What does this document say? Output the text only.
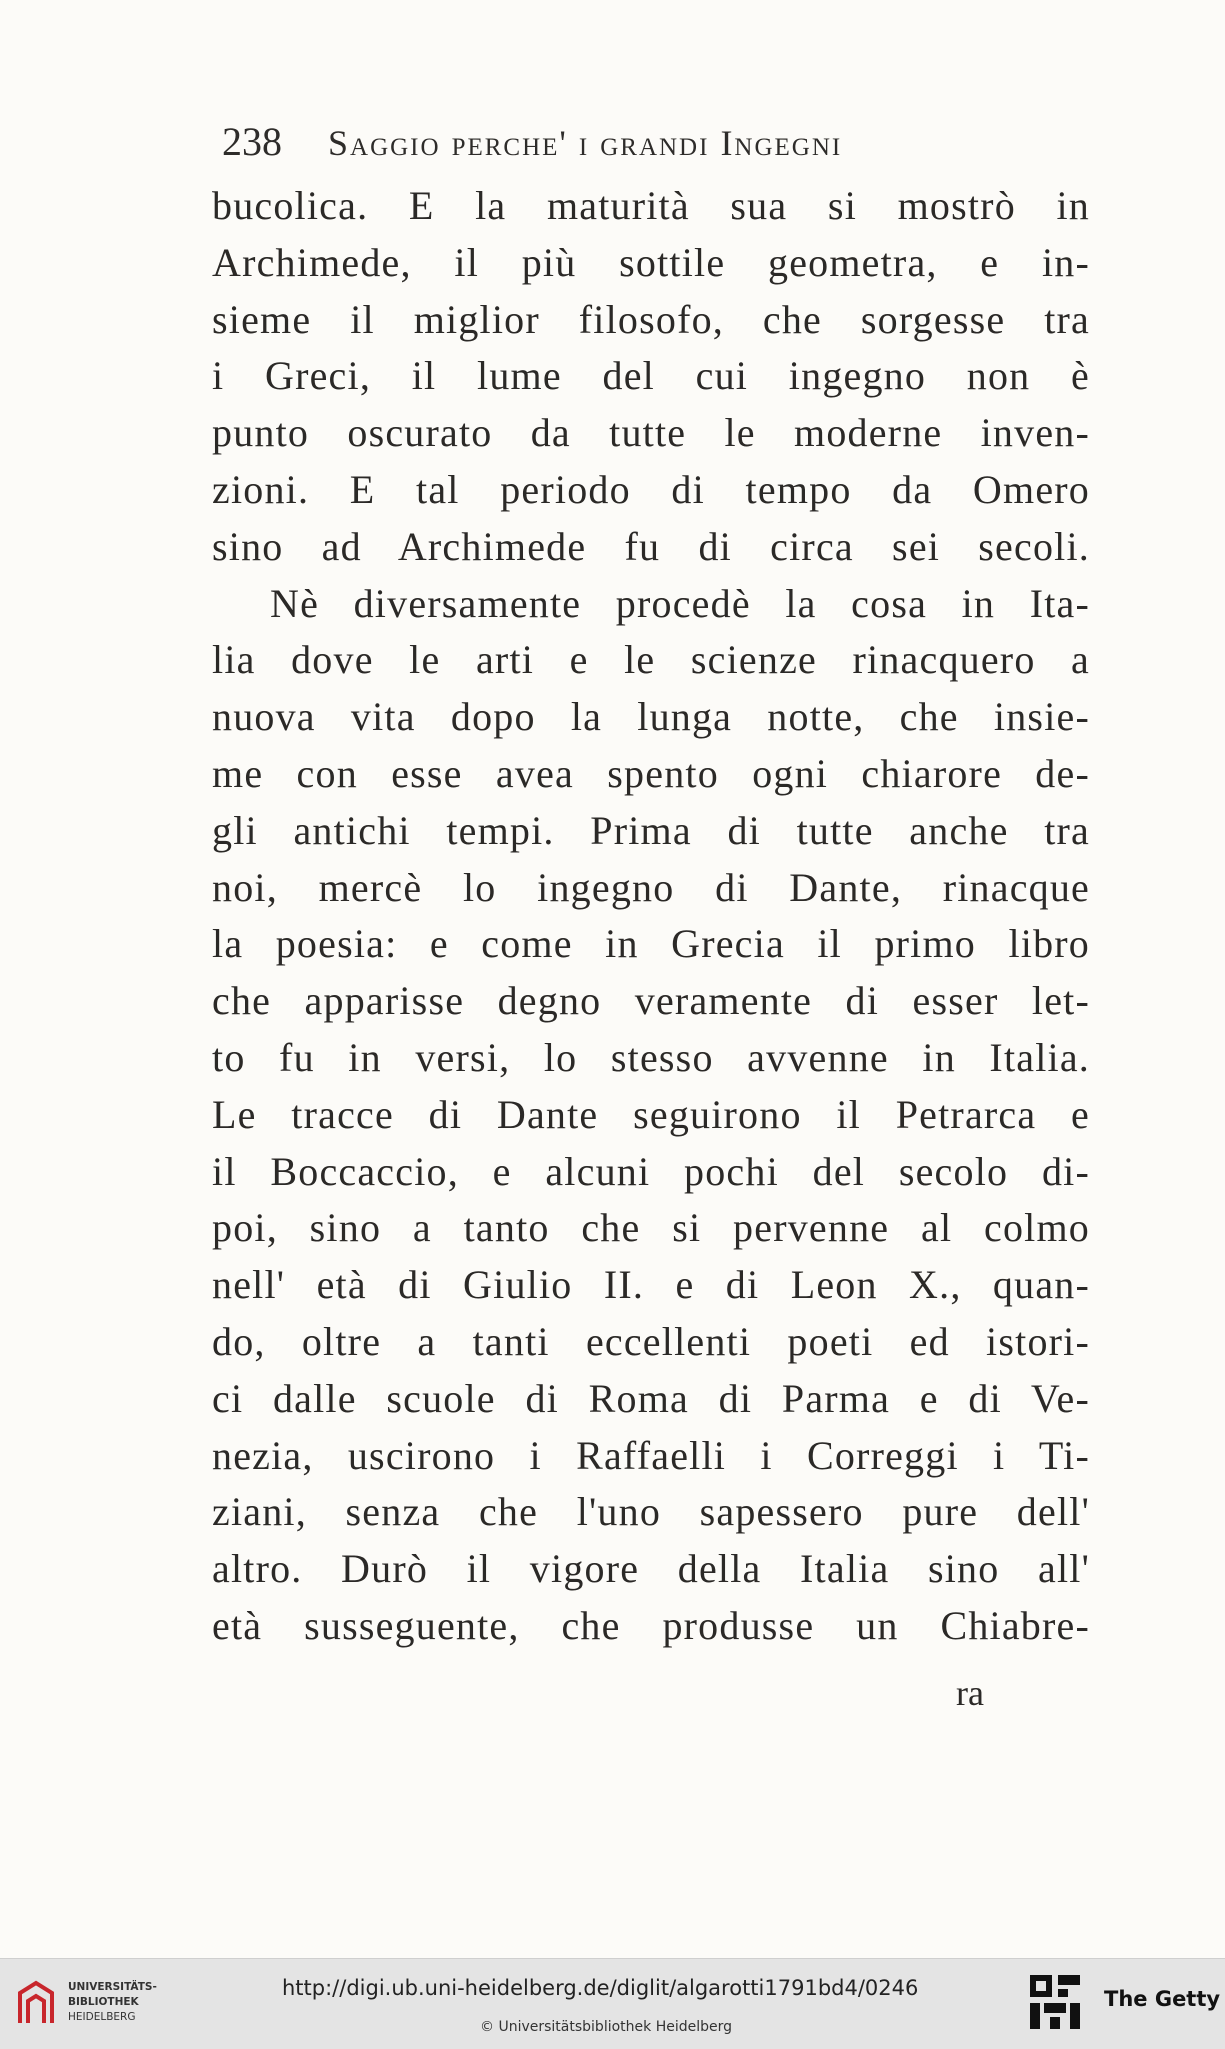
238 Saggio perche' i grandi Ingegni
bucolica. E la maturità sua si mostrò in
Archimede, il più sottile geometra, e in-
sieme il miglior filosofo, che sorgesse tra
i Greci, il lume del cui ingegno non è
punto oscurato da tutte le moderne inven-
zioni. E tal periodo di tempo da Omero
sino ad Archimede fu di circa sei secoli.
Nè diversamente procedè la cosa in Ita-
lia dove le arti e le scienze rinacquero a
nuova vita dopo la lunga notte, che insie-
me con esse avea spento ogni chiarore de-
gli antichi tempi. Prima di tutte anche tra
noi, mercè lo ingegno di Dante, rinacque
la poesia: e come in Grecia il primo libro
che apparisse degno veramente di esser let-
to fu in versi, lo stesso avvenne in Italia.
Le tracce di Dante seguirono il Petrarca e
il Boccaccio, e alcuni pochi del secolo di-
poi, sino a tanto che si pervenne al colmo
nell' età di Giulio II. e di Leon X., quan-
do, oltre a tanti eccellenti poeti ed istori-
ci dalle scuole di Roma di Parma e di Ve-
nezia, uscirono i Raffaelli i Correggi i Ti-
ziani, senza che l'uno sapessero pure dell'
altro. Durò il vigore della Italia sino all'
età susseguente, che produsse un Chiabre-
ra
UNIVERSITÄTS-
BIBLIOTHEK
HEIDELBERG
http://digi.ub.uni-heidelberg.de/diglit/algarotti1791bd4/0246
© Universitätsbibliothek Heidelberg
The Getty
